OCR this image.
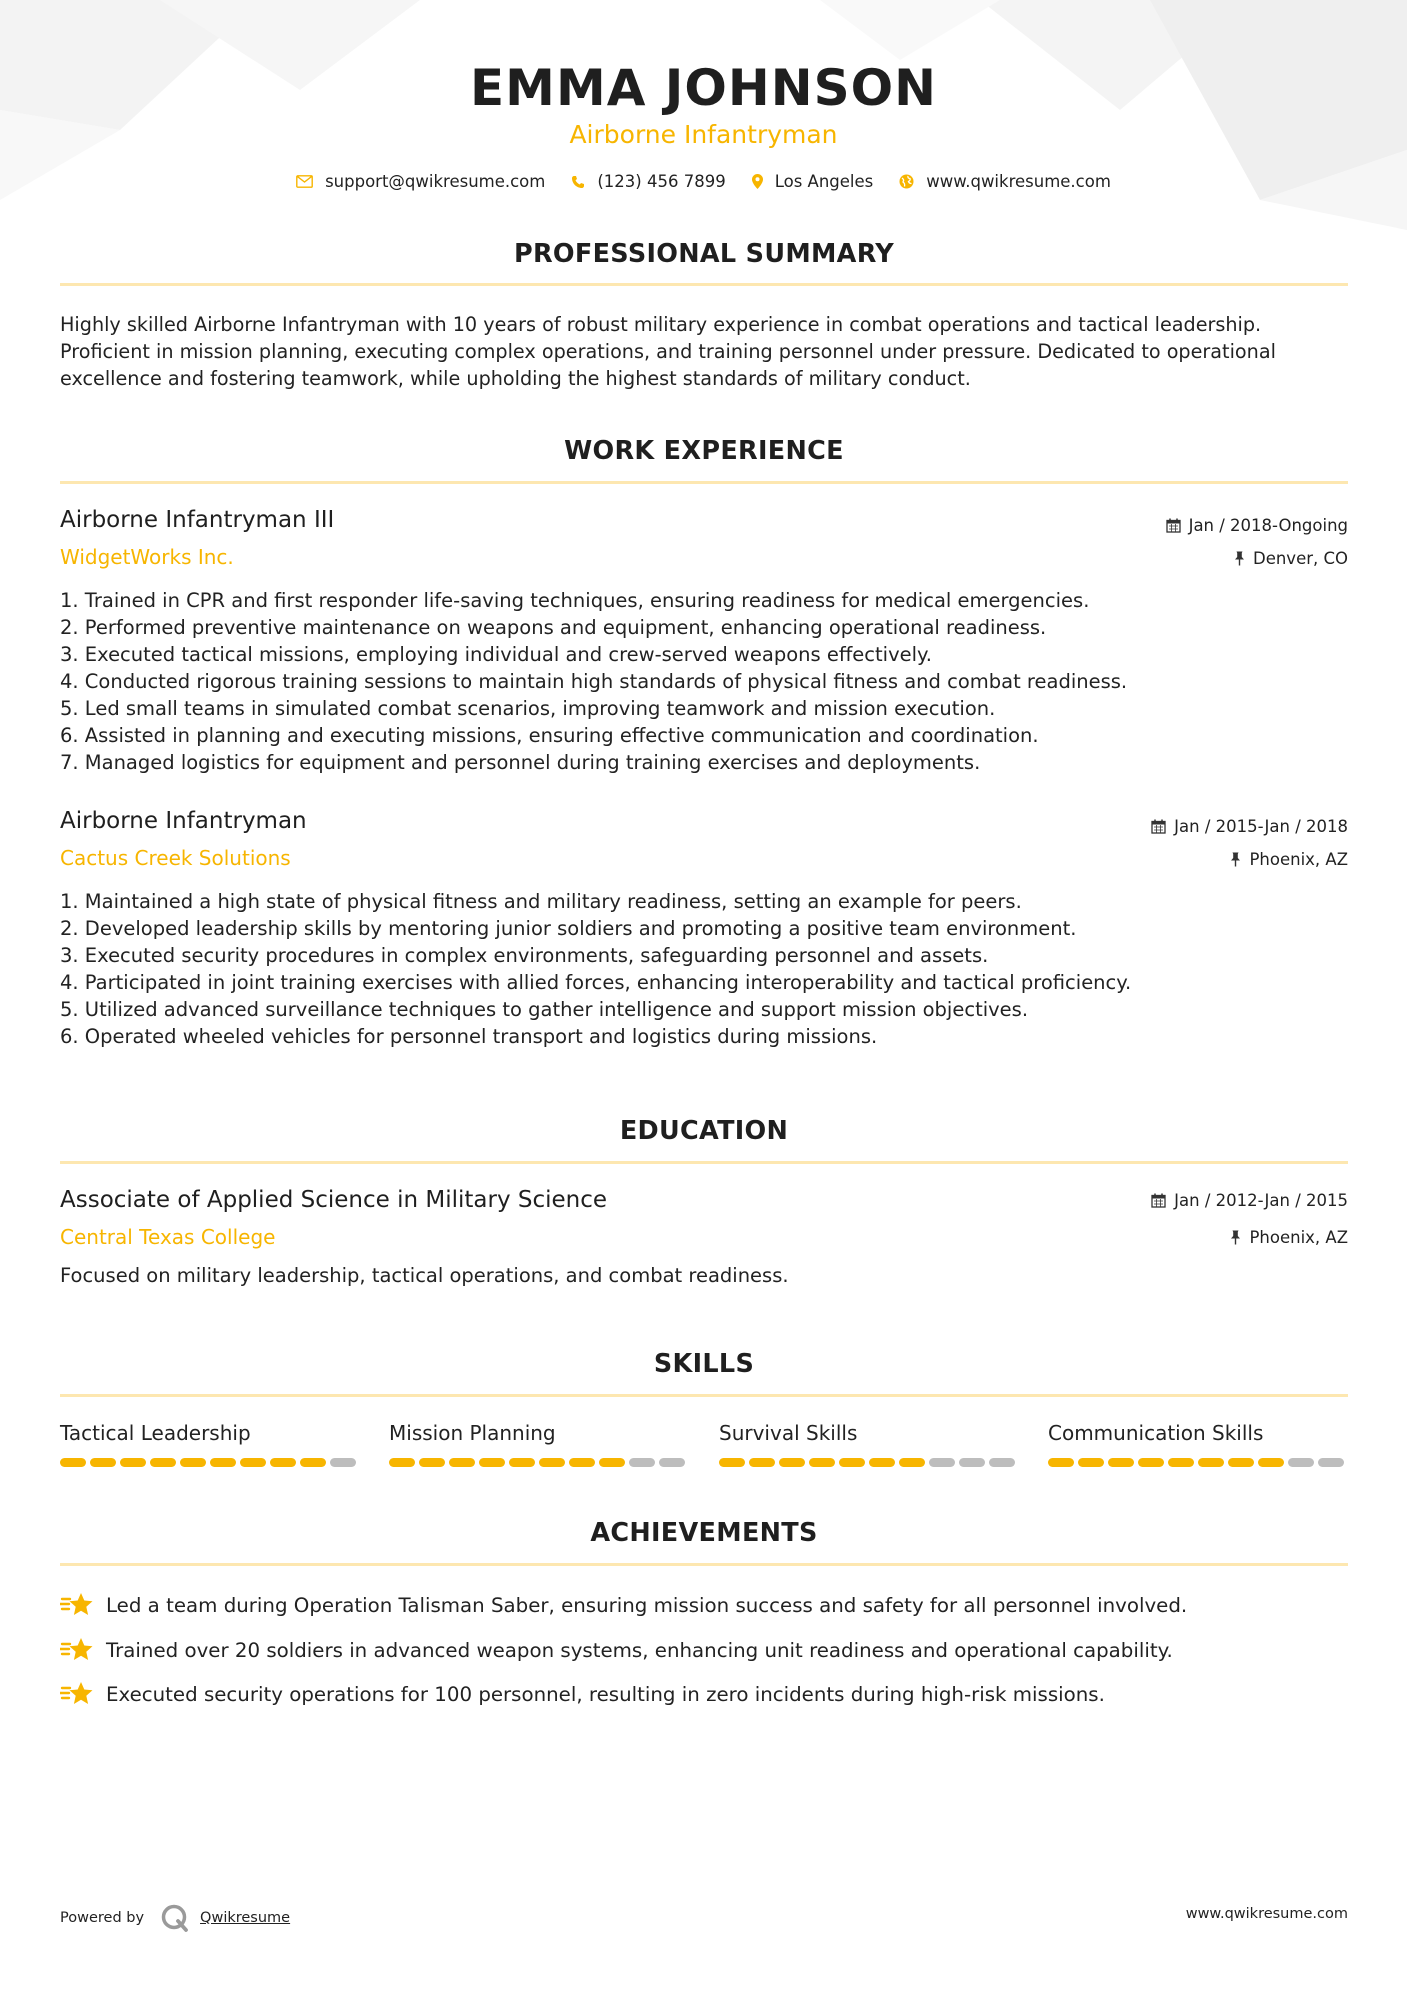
EMMA JOHNSON
Airborne Infantryman
support@qwikresume.com	(123) 456 7899	Los Angeles	www.qwikresume.com
PROFESSIONAL SUMMARY
Highly skilled Airborne Infantryman with 10 years of robust military experience in combat operations and tactical leadership. Proficient in mission planning, executing complex operations, and training personnel under pressure. Dedicated to operational excellence and fostering teamwork, while upholding the highest standards of military conduct.
WORK EXPERIENCE
Airborne Infantryman III
WidgetWorks Inc.
Jan / 2018-Ongoing
Denver, CO
1. Trained in CPR and first responder life-saving techniques, ensuring readiness for medical emergencies.
2. Performed preventive maintenance on weapons and equipment, enhancing operational readiness.
3. Executed tactical missions, employing individual and crew-served weapons effectively.
4. Conducted rigorous training sessions to maintain high standards of physical fitness and combat readiness.
5. Led small teams in simulated combat scenarios, improving teamwork and mission execution.
6. Assisted in planning and executing missions, ensuring effective communication and coordination.
7. Managed logistics for equipment and personnel during training exercises and deployments.
Airborne Infantryman
Cactus Creek Solutions
Jan / 2015-Jan / 2018
Phoenix, AZ
1. Maintained a high state of physical fitness and military readiness, setting an example for peers.
2. Developed leadership skills by mentoring junior soldiers and promoting a positive team environment.
3. Executed security procedures in complex environments, safeguarding personnel and assets.
4. Participated in joint training exercises with allied forces, enhancing interoperability and tactical proficiency.
5. Utilized advanced surveillance techniques to gather intelligence and support mission objectives.
6. Operated wheeled vehicles for personnel transport and logistics during missions.
EDUCATION
Associate of Applied Science in Military Science
Central Texas College
Jan / 2012-Jan / 2015
Phoenix, AZ
Focused on military leadership, tactical operations, and combat readiness.
SKILLS
Tactical Leadership	Mission Planning	Survival Skills	Communication Skills
ACHIEVEMENTS
Led a team during Operation Talisman Saber, ensuring mission success and safety for all personnel involved.
Trained over 20 soldiers in advanced weapon systems, enhancing unit readiness and operational capability.
Executed security operations for 100 personnel, resulting in zero incidents during high-risk missions.
Powered by	Qwikresume	www.qwikresume.com
